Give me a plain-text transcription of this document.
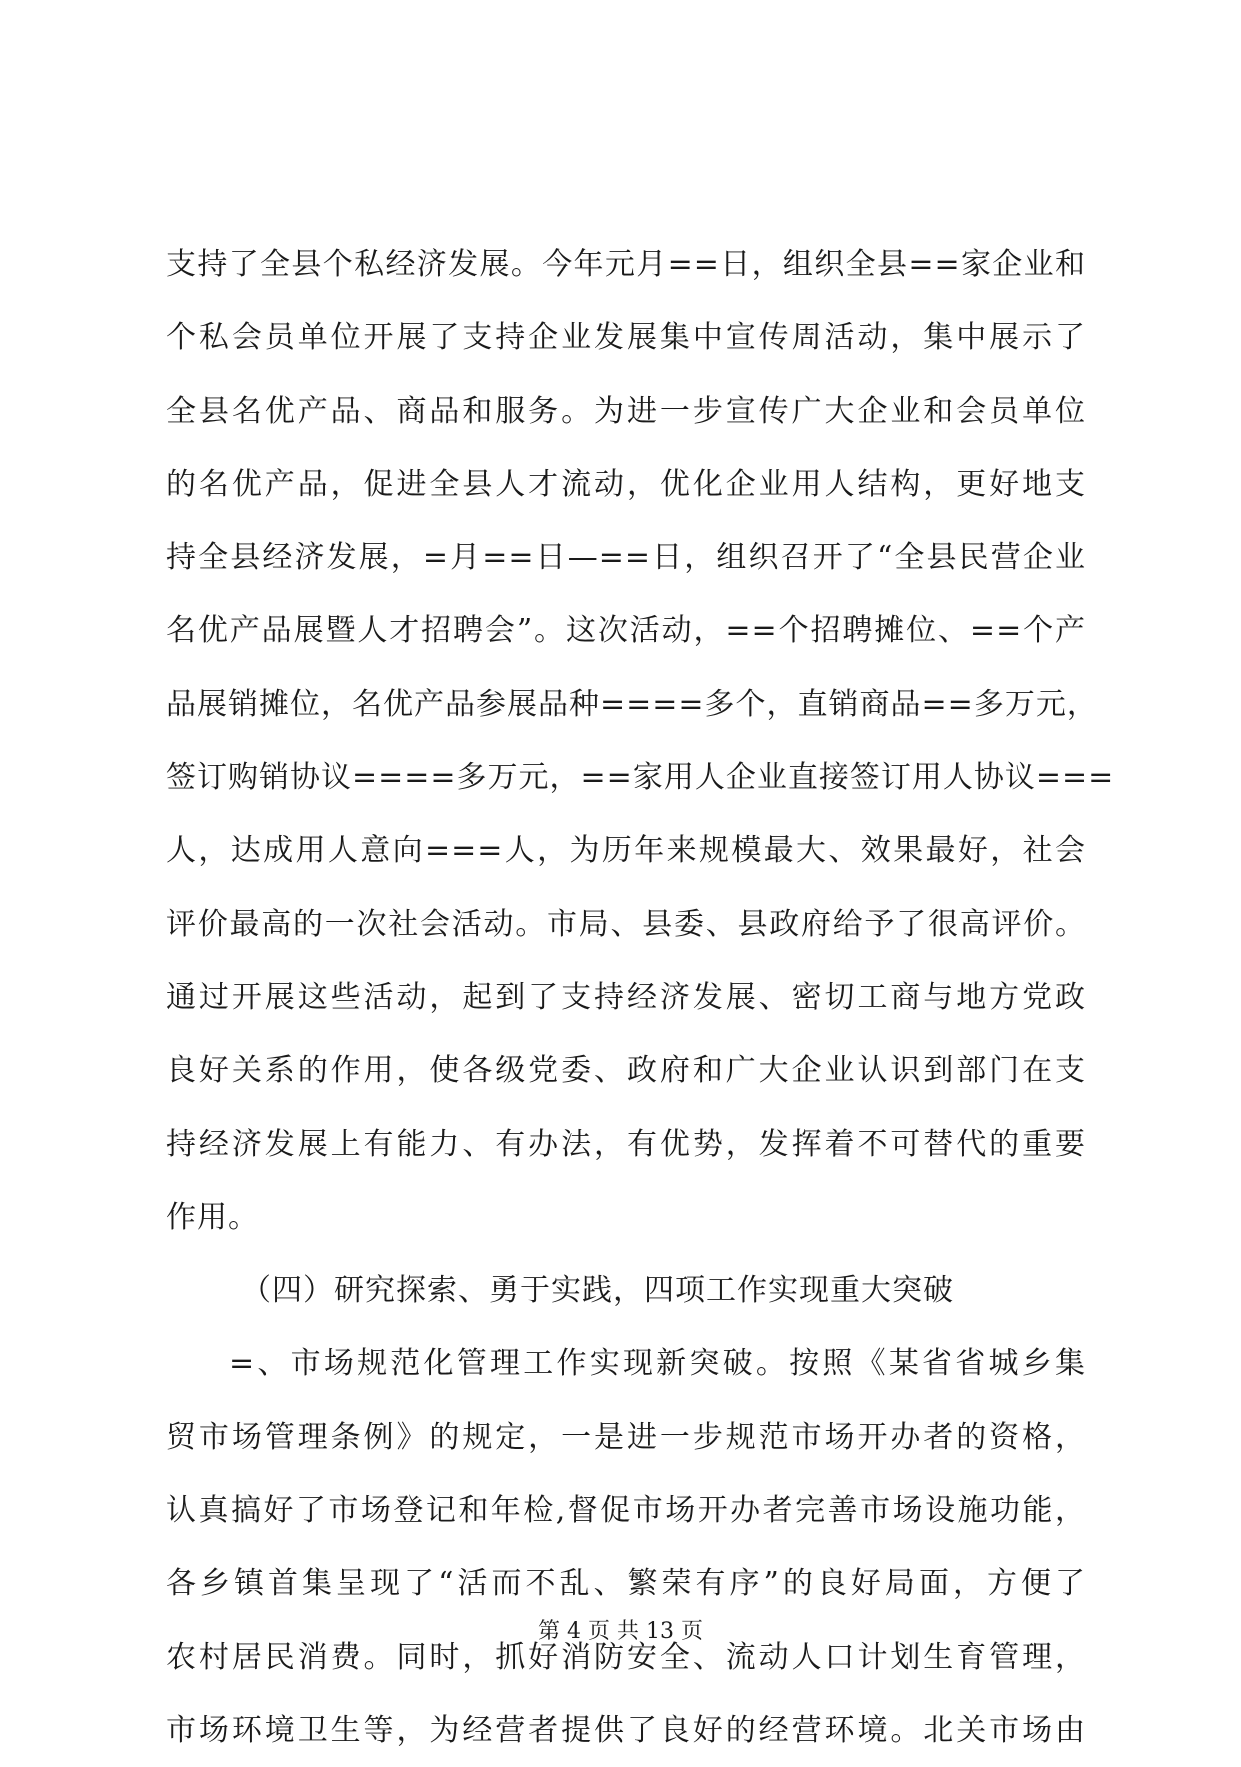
支持了全县个私经济发展。今年元月==日，组织全县==家企业和
个私会员单位开展了支持企业发展集中宣传周活动，集中展示了
全县名优产品、商品和服务。为进一步宣传广大企业和会员单位
的名优产品，促进全县人才流动，优化企业用人结构，更好地支
持全县经济发展，=月==日—==日，组织召开了“全县民营企业
名优产品展暨人才招聘会”。这次活动，==个招聘摊位、==个产
品展销摊位，名优产品参展品种====多个，直销商品==多万元，
签订购销协议====多万元，==家用人企业直接签订用人协议===
人，达成用人意向===人，为历年来规模最大、效果最好，社会
评价最高的一次社会活动。市局、县委、县政府给予了很高评价。
通过开展这些活动，起到了支持经济发展、密切工商与地方党政
良好关系的作用，使各级党委、政府和广大企业认识到部门在支
持经济发展上有能力、有办法，有优势，发挥着不可替代的重要
作用。
（四）研究探索、勇于实践，四项工作实现重大突破
=、市场规范化管理工作实现新突破。按照《某省省城乡集
贸市场管理条例》的规定，一是进一步规范市场开办者的资格，
认真搞好了市场登记和年检,督促市场开办者完善市场设施功能，
各乡镇首集呈现了“活而不乱、繁荣有序”的良好局面，方便了
农村居民消费。同时，抓好消防安全、流动人口计划生育管理，
市场环境卫生等，为经营者提供了良好的经营环境。北关市场由
第 4 页 共 13 页
